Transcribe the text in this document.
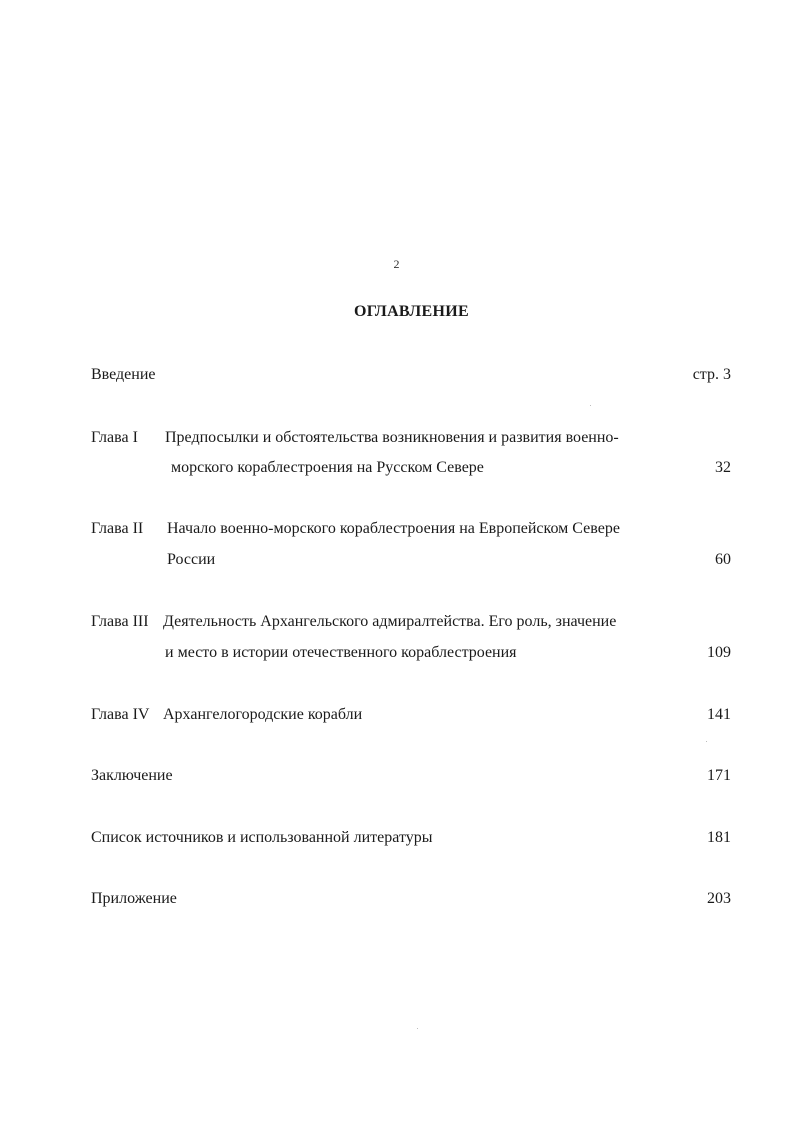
2
ОГЛАВЛЕНИЕ
Введение	стр. 3
Глава I Предпосылки и обстоятельства возникновения и развития военно-
морского кораблестроения на Русском Севере	32
Глава II Начало военно-морского кораблестроения на Европейском Севере
России	60
Глава III Деятельность Архангельского адмиралтейства. Его роль, значение
и место в истории отечественного кораблестроения	109
Глава IV Архангелогородские корабли	141
Заключение	171
Список источников и использованной литературы	181
Приложение	203
